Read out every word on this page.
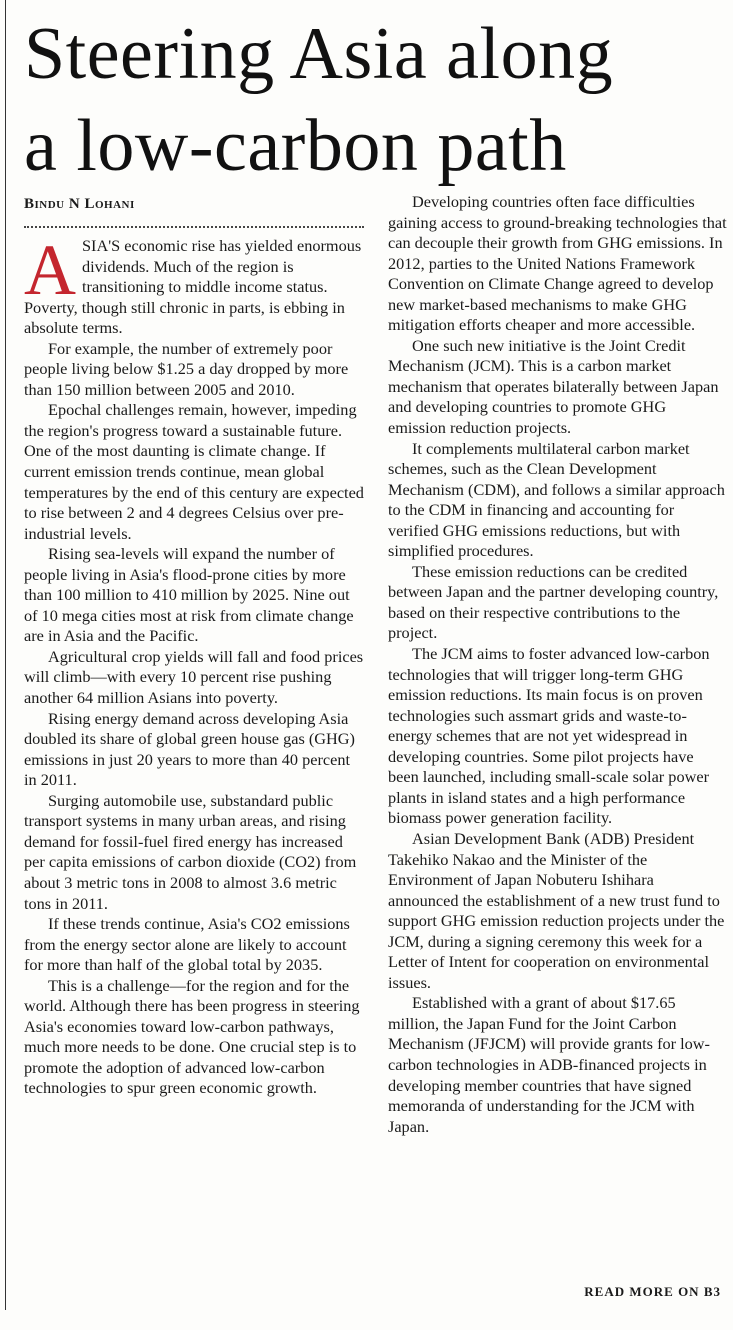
Steering Asia along
a low-carbon path
Bindu N Lohani

ASIA'S economic rise has yielded enormous dividends. Much of the region is transitioning to middle income status. Poverty, though still chronic in parts, is ebbing in absolute terms.

For example, the number of extremely poor people living below $1.25 a day dropped by more than 150 million between 2005 and 2010.

Epochal challenges remain, however, impeding the region's progress toward a sustainable future. One of the most daunting is climate change. If current emission trends continue, mean global temperatures by the end of this century are expected to rise between 2 and 4 degrees Celsius over pre-industrial levels.

Rising sea-levels will expand the number of people living in Asia's flood-prone cities by more than 100 million to 410 million by 2025. Nine out of 10 mega cities most at risk from climate change are in Asia and the Pacific.

Agricultural crop yields will fall and food prices will climb—with every 10 percent rise pushing another 64 million Asians into poverty.

Rising energy demand across developing Asia doubled its share of global green house gas (GHG) emissions in just 20 years to more than 40 percent in 2011.

Surging automobile use, substandard public transport systems in many urban areas, and rising demand for fossil-fuel fired energy has increased per capita emissions of carbon dioxide (CO2) from about 3 metric tons in 2008 to almost 3.6 metric tons in 2011.

If these trends continue, Asia's CO2 emissions from the energy sector alone are likely to account for more than half of the global total by 2035.

This is a challenge—for the region and for the world. Although there has been progress in steering Asia's economies toward low-carbon pathways, much more needs to be done. One crucial step is to promote the adoption of advanced low-carbon technologies to spur green economic growth.

Developing countries often face difficulties gaining access to ground-breaking technologies that can decouple their growth from GHG emissions. In 2012, parties to the United Nations Framework Convention on Climate Change agreed to develop new market-based mechanisms to make GHG mitigation efforts cheaper and more accessible.

One such new initiative is the Joint Credit Mechanism (JCM). This is a carbon market mechanism that operates bilaterally between Japan and developing countries to promote GHG emission reduction projects.

It complements multilateral carbon market schemes, such as the Clean Development Mechanism (CDM), and follows a similar approach to the CDM in financing and accounting for verified GHG emissions reductions, but with simplified procedures.

These emission reductions can be credited between Japan and the partner developing country, based on their respective contributions to the project.

The JCM aims to foster advanced low-carbon technologies that will trigger long-term GHG emission reductions. Its main focus is on proven technologies such assmart grids and waste-to-energy schemes that are not yet widespread in developing countries. Some pilot projects have been launched, including small-scale solar power plants in island states and a high performance biomass power generation facility.

Asian Development Bank (ADB) President Takehiko Nakao and the Minister of the Environment of Japan Nobuteru Ishihara announced the establishment of a new trust fund to support GHG emission reduction projects under the JCM, during a signing ceremony this week for a Letter of Intent for cooperation on environmental issues.

Established with a grant of about $17.65 million, the Japan Fund for the Joint Carbon Mechanism (JFJCM) will provide grants for low-carbon technologies in ADB-financed projects in developing member countries that have signed memoranda of understanding for the JCM with Japan.

READ MORE ON B3
